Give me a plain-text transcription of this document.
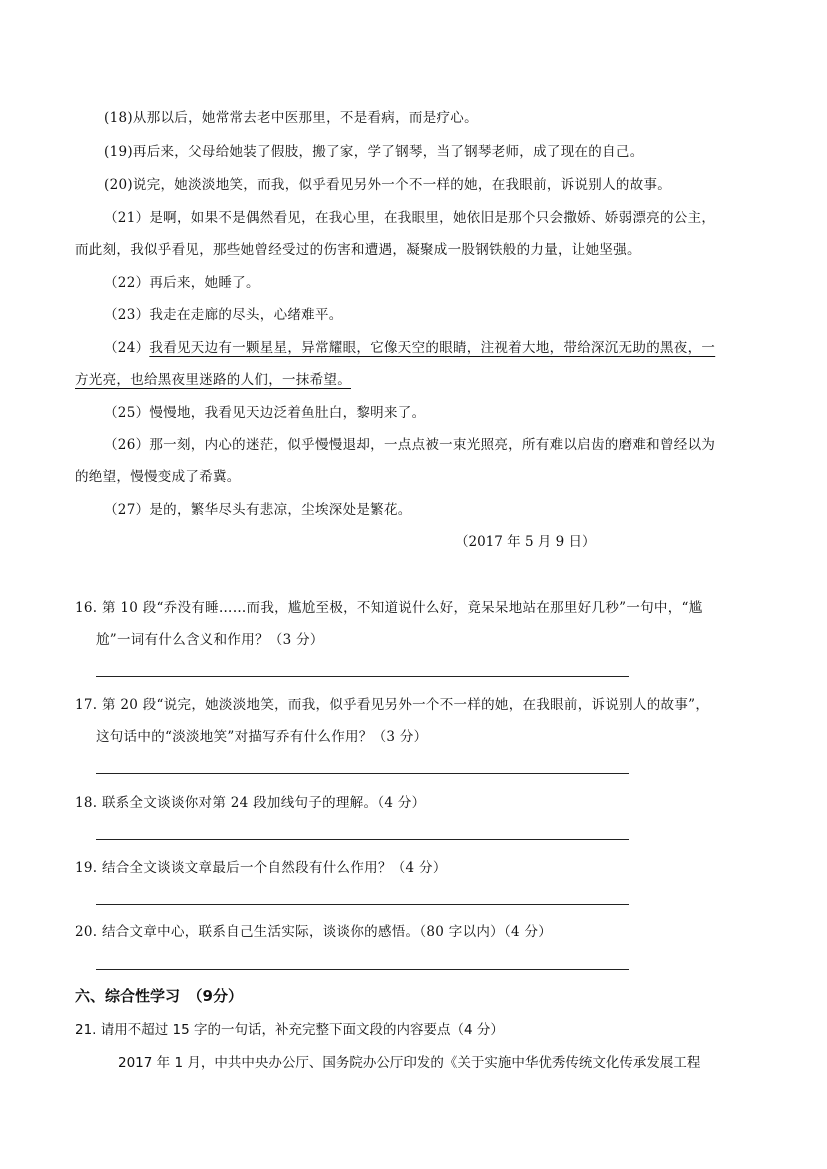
(18)从那以后，她常常去老中医那里，不是看病，而是疗心。
(19)再后来，父母给她装了假肢，搬了家，学了钢琴，当了钢琴老师，成了现在的自己。
(20)说完，她淡淡地笑，而我，似乎看见另外一个不一样的她，在我眼前，诉说别人的故事。
（21）是啊，如果不是偶然看见，在我心里，在我眼里，她依旧是那个只会撒娇、娇弱漂亮的公主，
而此刻，我似乎看见，那些她曾经受过的伤害和遭遇，凝聚成一股钢铁般的力量，让她坚强。
（22）再后来，她睡了。
（23）我走在走廊的尽头，心绪难平。
（24）我看见天边有一颗星星，异常耀眼，它像天空的眼睛，注视着大地，带给深沉无助的黑夜，一
方光亮，也给黑夜里迷路的人们，一抹希望。
（25）慢慢地，我看见天边泛着鱼肚白，黎明来了。
（26）那一刻，内心的迷茫，似乎慢慢退却，一点点被一束光照亮，所有难以启齿的磨难和曾经以为
的绝望，慢慢变成了希冀。
（27）是的，繁华尽头有悲凉，尘埃深处是繁花。
（2017 年 5 月 9 日）
16. 第 10 段“乔没有睡……而我，尴尬至极，不知道说什么好，竟呆呆地站在那里好几秒”一句中，“尴
尬”一词有什么含义和作用？（3 分）
17. 第 20 段“说完，她淡淡地笑，而我，似乎看见另外一个不一样的她，在我眼前，诉说别人的故事”，
这句话中的“淡淡地笑”对描写乔有什么作用？（3 分）
18. 联系全文谈谈你对第 24 段加线句子的理解。（4 分）
19. 结合全文谈谈文章最后一个自然段有什么作用？（4 分）
20. 结合文章中心，联系自己生活实际，谈谈你的感悟。（80 字以内）（4 分）
六、综合性学习　（9分）
21. 请用不超过 15 字的一句话，补充完整下面文段的内容要点（4 分）
2017 年 1 月，中共中央办公厅、国务院办公厅印发的《关于实施中华优秀传统文化传承发展工程
